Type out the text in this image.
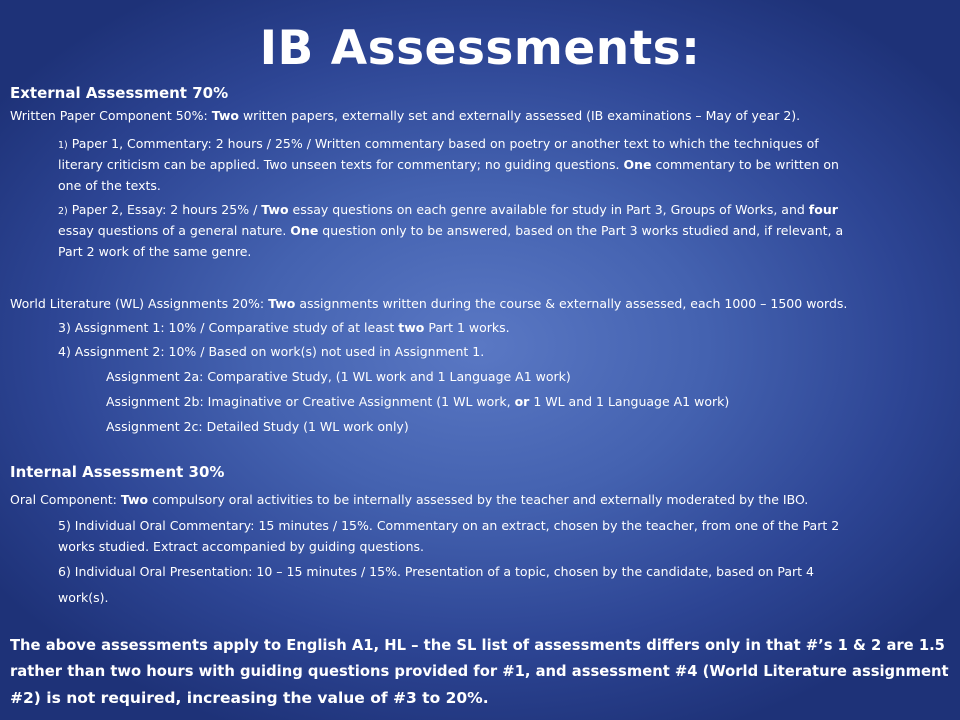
IB Assessments:
External Assessment 70%
Written Paper Component 50%: Two written papers, externally set and externally assessed (IB examinations – May of year 2).
1) Paper 1, Commentary: 2 hours / 25% / Written commentary based on poetry or another text to which the techniques of
literary criticism can be applied. Two unseen texts for commentary; no guiding questions. One commentary to be written on
one of the texts.
2) Paper 2, Essay: 2 hours 25% / Two essay questions on each genre available for study in Part 3, Groups of Works, and four
essay questions of a general nature. One question only to be answered, based on the Part 3 works studied and, if relevant, a
Part 2 work of the same genre.
World Literature (WL) Assignments 20%: Two assignments written during the course & externally assessed, each 1000 – 1500 words.
3) Assignment 1: 10% / Comparative study of at least two Part 1 works.
4) Assignment 2: 10% / Based on work(s) not used in Assignment 1.
Assignment 2a: Comparative Study, (1 WL work and 1 Language A1 work)
Assignment 2b: Imaginative or Creative Assignment (1 WL work, or 1 WL and 1 Language A1 work)
Assignment 2c: Detailed Study (1 WL work only)
Internal Assessment 30%
Oral Component: Two compulsory oral activities to be internally assessed by the teacher and externally moderated by the IBO.
5) Individual Oral Commentary: 15 minutes / 15%. Commentary on an extract, chosen by the teacher, from one of the Part 2
works studied. Extract accompanied by guiding questions.
6) Individual Oral Presentation: 10 – 15 minutes / 15%. Presentation of a topic, chosen by the candidate, based on Part 4
work(s).
The above assessments apply to English A1, HL – the SL list of assessments differs only in that #’s 1 & 2 are 1.5
rather than two hours with guiding questions provided for #1, and assessment #4 (World Literature assignment
#2) is not required, increasing the value of #3 to 20%.
